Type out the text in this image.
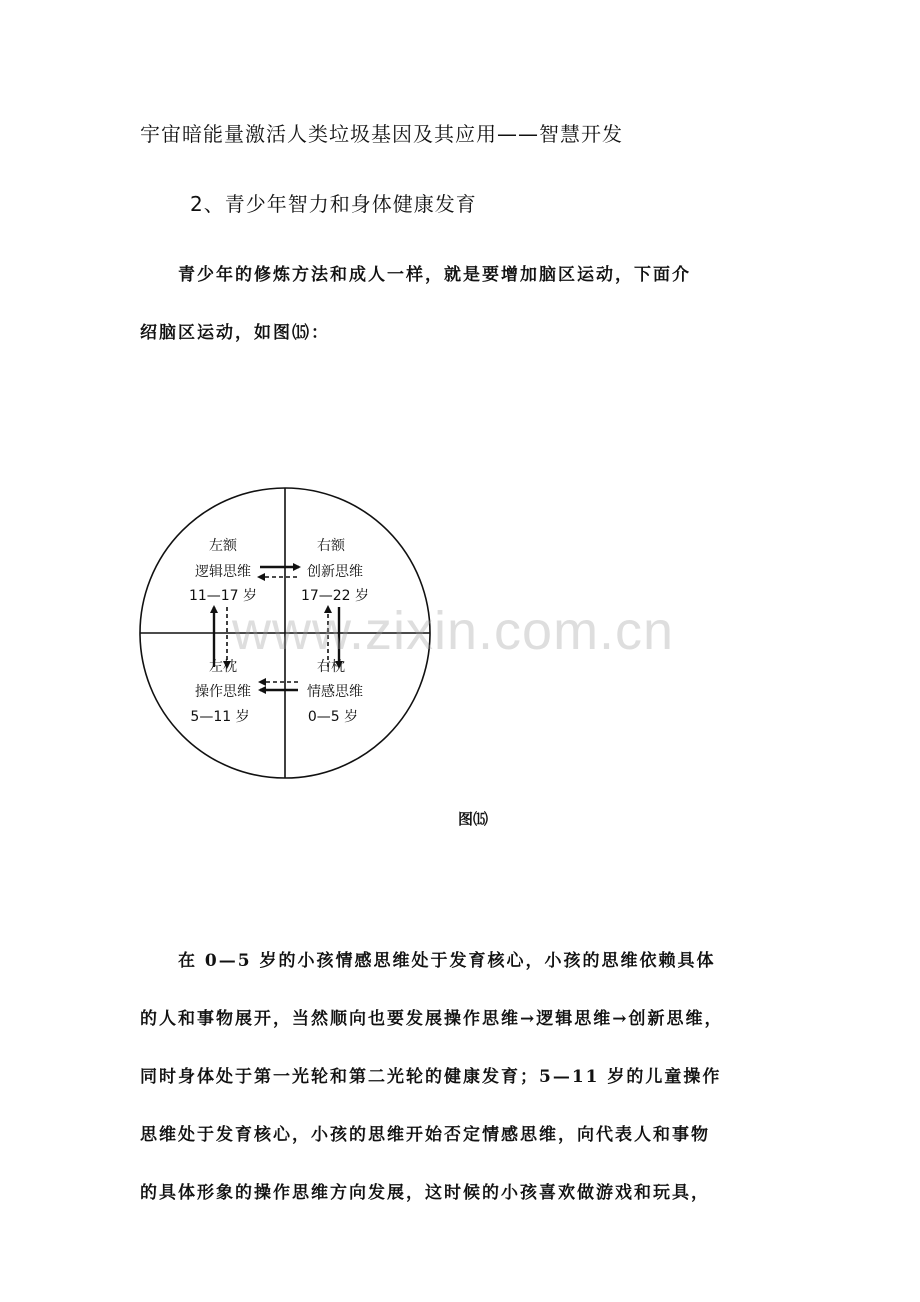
宇宙暗能量激活人类垃圾基因及其应用——智慧开发
2、青少年智力和身体健康发育
　　青少年的修炼方法和成人一样，就是要增加脑区运动，下面介
绍脑区运动，如图⒂：
左额
逻辑思维
11—17 岁
右额
创新思维
17—22 岁
左枕
操作思维
5—11 岁
右枕
情感思维
0—5 岁
www.zixin.com.cn
图⒂
　　在 0—5 岁的小孩情感思维处于发育核心，小孩的思维依赖具体
的人和事物展开，当然顺向也要发展操作思维→逻辑思维→创新思维，
同时身体处于第一光轮和第二光轮的健康发育；5—11 岁的儿童操作
思维处于发育核心，小孩的思维开始否定情感思维，向代表人和事物
的具体形象的操作思维方向发展，这时候的小孩喜欢做游戏和玩具，
